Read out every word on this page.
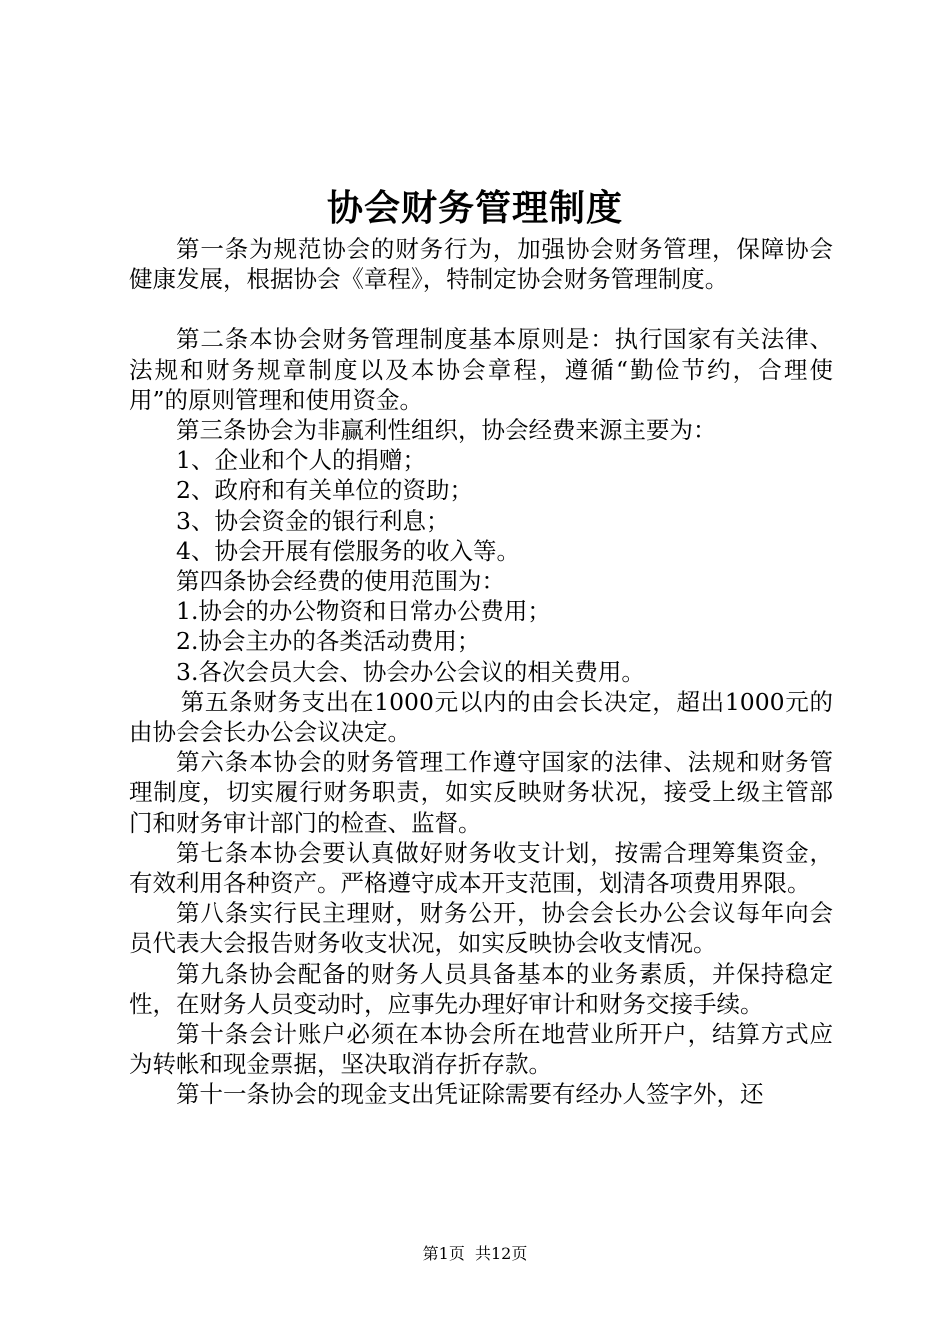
协会财务管理制度

第一条为规范协会的财务行为，加强协会财务管理，保障协会健康发展，根据协会《章程》，特制定协会财务管理制度。

第二条本协会财务管理制度基本原则是：执行国家有关法律、法规和财务规章制度以及本协会章程，遵循“勤俭节约，合理使用”的原则管理和使用资金。

第三条协会为非赢利性组织，协会经费来源主要为：

1、企业和个人的捐赠；

2、政府和有关单位的资助；

3、协会资金的银行利息；

4、协会开展有偿服务的收入等。

第四条协会经费的使用范围为：

1.协会的办公物资和日常办公费用；

2.协会主办的各类活动费用；

3.各次会员大会、协会办公会议的相关费用。

第五条财务支出在1000元以内的由会长决定，超出1000元的由协会会长办公会议决定。

第六条本协会的财务管理工作遵守国家的法律、法规和财务管理制度，切实履行财务职责，如实反映财务状况，接受上级主管部门和财务审计部门的检查、监督。

第七条本协会要认真做好财务收支计划，按需合理筹集资金，有效利用各种资产。严格遵守成本开支范围，划清各项费用界限。

第八条实行民主理财，财务公开，协会会长办公会议每年向会员代表大会报告财务收支状况，如实反映协会收支情况。

第九条协会配备的财务人员具备基本的业务素质，并保持稳定性，在财务人员变动时，应事先办理好审计和财务交接手续。

第十条会计账户必须在本协会所在地营业所开户，结算方式应为转帐和现金票据，坚决取消存折存款。

第十一条协会的现金支出凭证除需要有经办人签字外，还

第1页  共12页
